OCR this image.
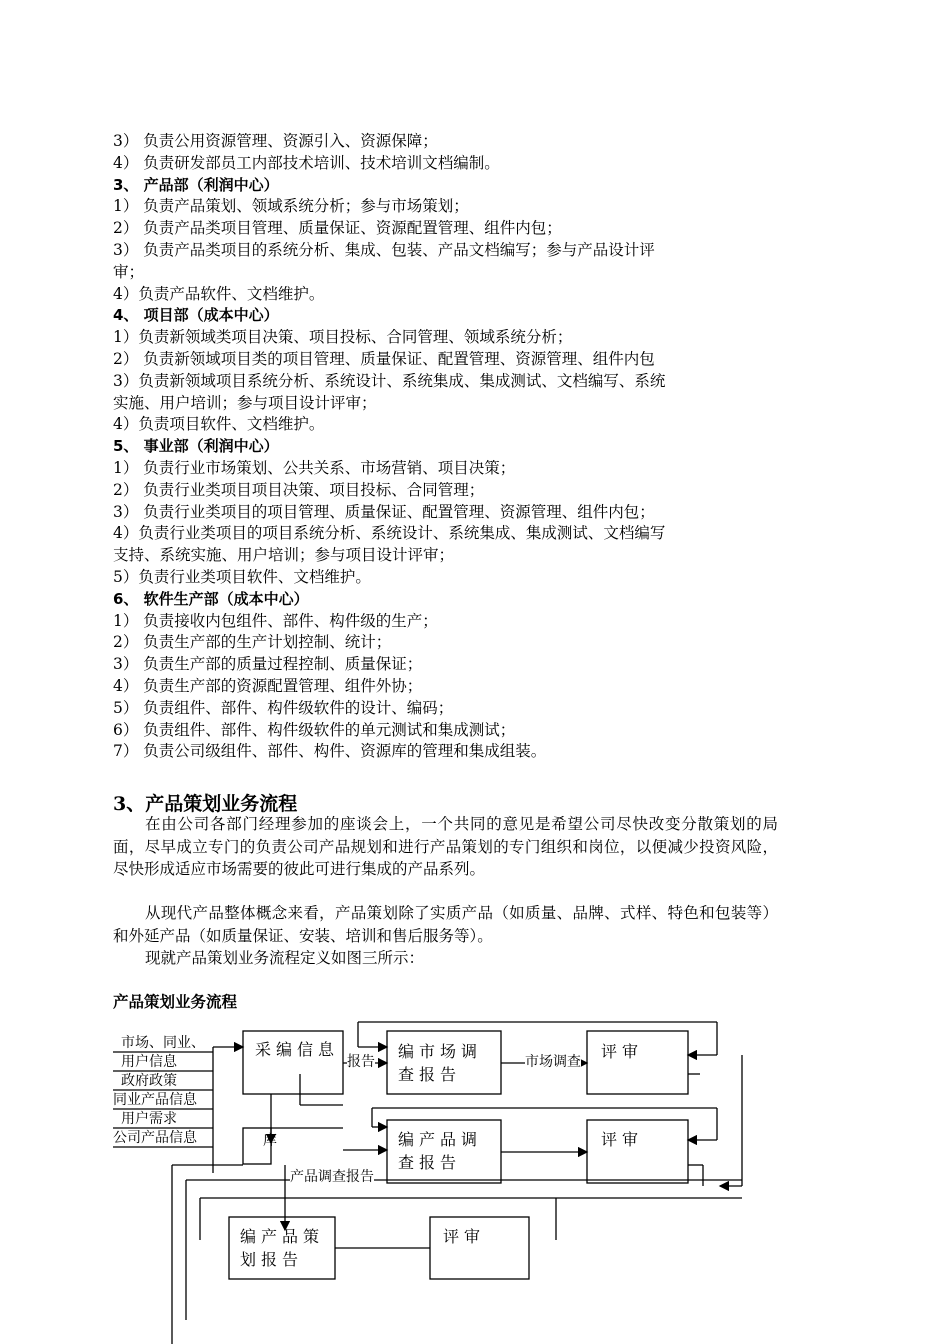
3） 负责公用资源管理、资源引入、资源保障；
4） 负责研发部员工内部技术培训、技术培训文档编制。
3、 产品部（利润中心）
1） 负责产品策划、领域系统分析；参与市场策划；
2） 负责产品类项目管理、质量保证、资源配置管理、组件内包；
3） 负责产品类项目的系统分析、集成、包装、产品文档编写；参与产品设计评
审；
4）负责产品软件、文档维护。
4、 项目部（成本中心）
1）负责新领域类项目决策、项目投标、合同管理、领域系统分析；
2） 负责新领域项目类的项目管理、质量保证、配置管理、资源管理、组件内包
3）负责新领域项目系统分析、系统设计、系统集成、集成测试、文档编写、系统
实施、用户培训；参与项目设计评审；
4）负责项目软件、文档维护。
5、 事业部（利润中心）
1） 负责行业市场策划、公共关系、市场营销、项目决策；
2） 负责行业类项目项目决策、项目投标、合同管理；
3） 负责行业类项目的项目管理、质量保证、配置管理、资源管理、组件内包；
4）负责行业类项目的项目系统分析、系统设计、系统集成、集成测试、文档编写
支持、系统实施、用户培训；参与项目设计评审；
5）负责行业类项目软件、文档维护。
6、 软件生产部（成本中心）
1） 负责接收内包组件、部件、构件级的生产；
2） 负责生产部的生产计划控制、统计；
3） 负责生产部的质量过程控制、质量保证；
4） 负责生产部的资源配置管理、组件外协；
5） 负责组件、部件、构件级软件的设计、编码；
6） 负责组件、部件、构件级软件的单元测试和集成测试；
7） 负责公司级组件、部件、构件、资源库的管理和集成组装。
3、产品策划业务流程
在由公司各部门经理参加的座谈会上，一个共同的意见是希望公司尽快改变分散策划的局面，尽早成立专门的负责公司产品规划和进行产品策划的专门组织和岗位，以便减少投资风险，尽快形成适应市场需要的彼此可进行集成的产品系列。
从现代产品整体概念来看，产品策划除了实质产品（如质量、品牌、式样、特色和包装等）和外延产品（如质量保证、安装、培训和售后服务等）。
现就产品策划业务流程定义如图三所示：
产品策划业务流程
市场、同业、
用户信息
政府政策
同业产品信息
用户需求
公司产品信息
采编信息
库
编市场调查报告
评审
编产品调查报告
评审
编产品策划报告
评审
报告	市场调查
产品调查报告
